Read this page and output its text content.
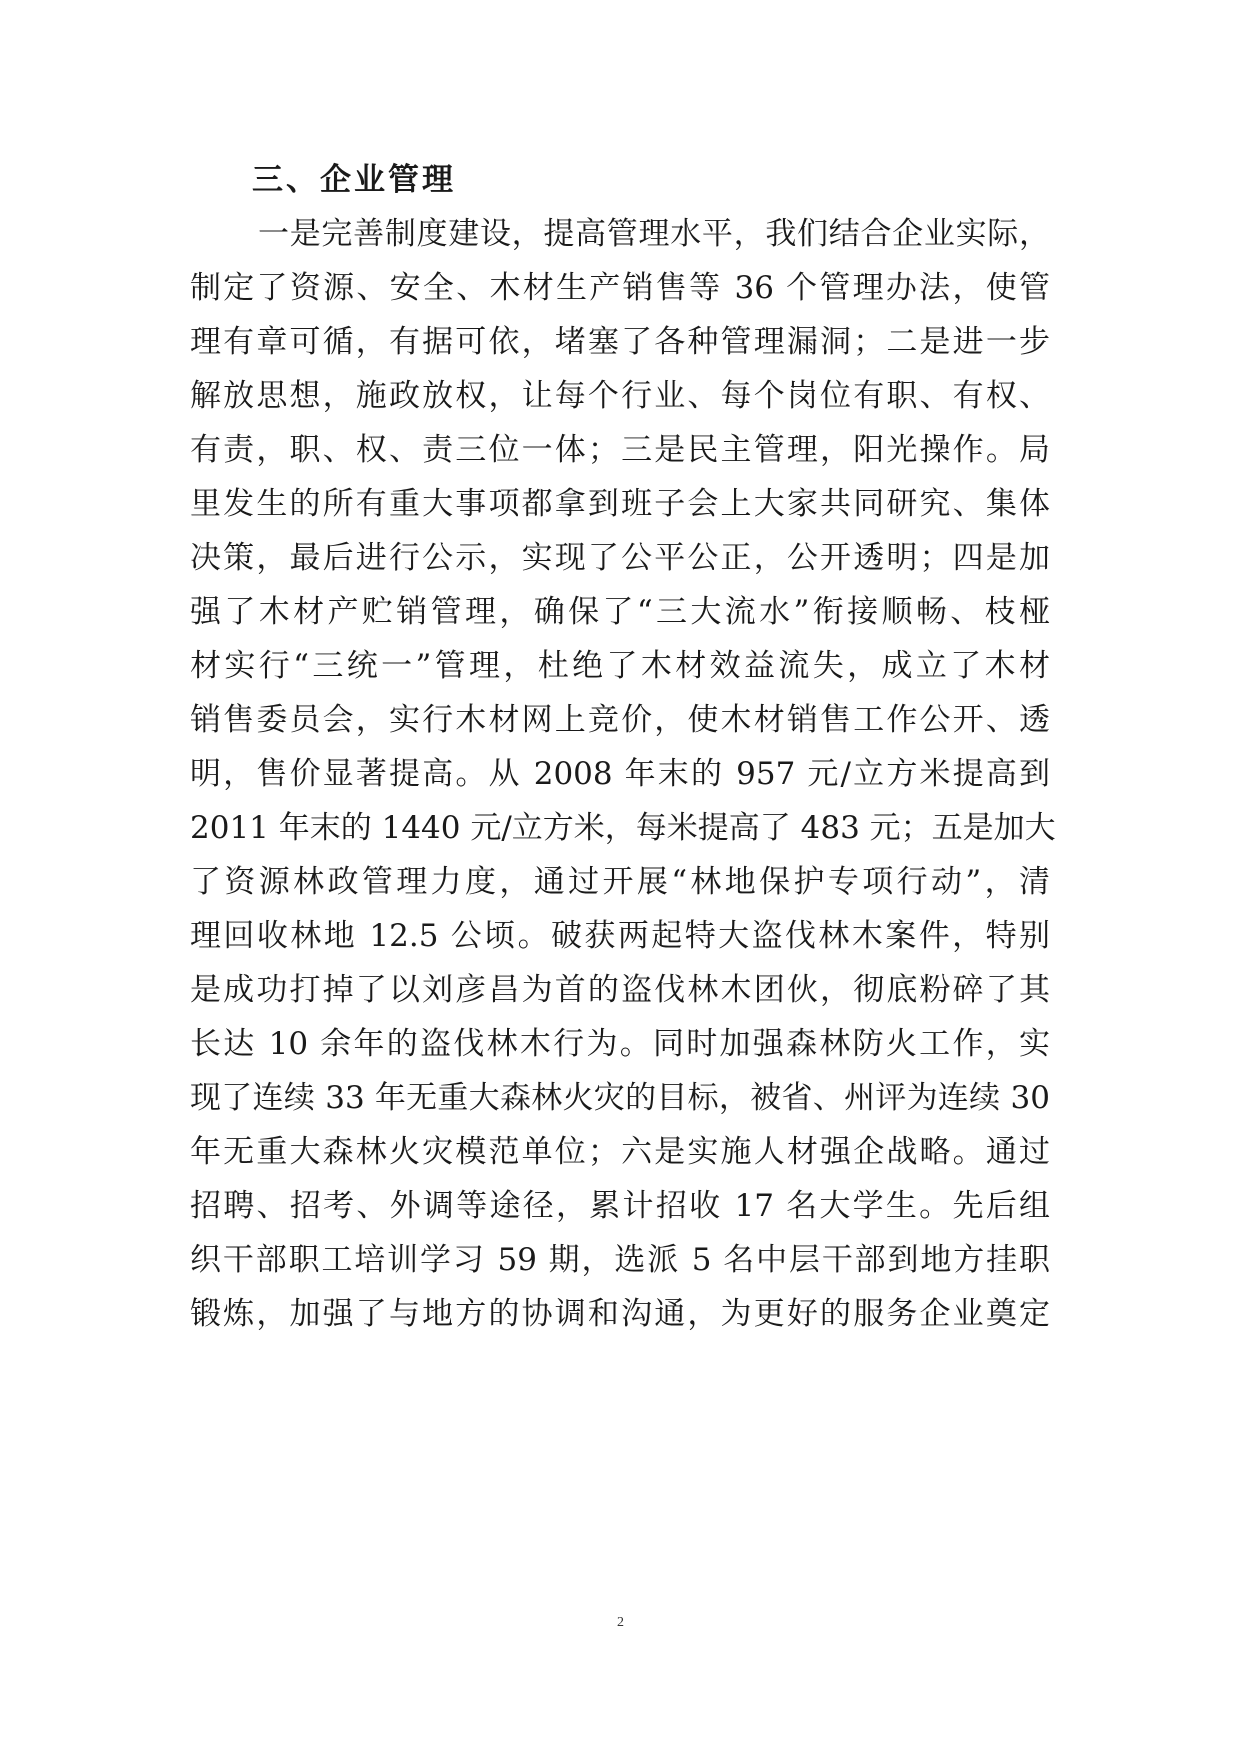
三、企业管理
一是完善制度建设，提高管理水平，我们结合企业实际，
制定了资源、安全、木材生产销售等 36 个管理办法，使管
理有章可循，有据可依，堵塞了各种管理漏洞；二是进一步
解放思想，施政放权，让每个行业、每个岗位有职、有权、
有责，职、权、责三位一体；三是民主管理，阳光操作。局
里发生的所有重大事项都拿到班子会上大家共同研究、集体
决策，最后进行公示，实现了公平公正，公开透明；四是加
强了木材产贮销管理，确保了“三大流水”衔接顺畅、枝桠
材实行“三统一”管理，杜绝了木材效益流失，成立了木材
销售委员会，实行木材网上竞价，使木材销售工作公开、透
明，售价显著提高。从 2008 年末的 957 元/立方米提高到
2011 年末的 1440 元/立方米，每米提高了 483 元；五是加大
了资源林政管理力度，通过开展“林地保护专项行动”，清
理回收林地 12.5 公顷。破获两起特大盗伐林木案件，特别
是成功打掉了以刘彦昌为首的盗伐林木团伙，彻底粉碎了其
长达 10 余年的盗伐林木行为。同时加强森林防火工作，实
现了连续 33 年无重大森林火灾的目标，被省、州评为连续 30
年无重大森林火灾模范单位；六是实施人材强企战略。通过
招聘、招考、外调等途径，累计招收 17 名大学生。先后组
织干部职工培训学习 59 期，选派 5 名中层干部到地方挂职
锻炼，加强了与地方的协调和沟通，为更好的服务企业奠定
2
